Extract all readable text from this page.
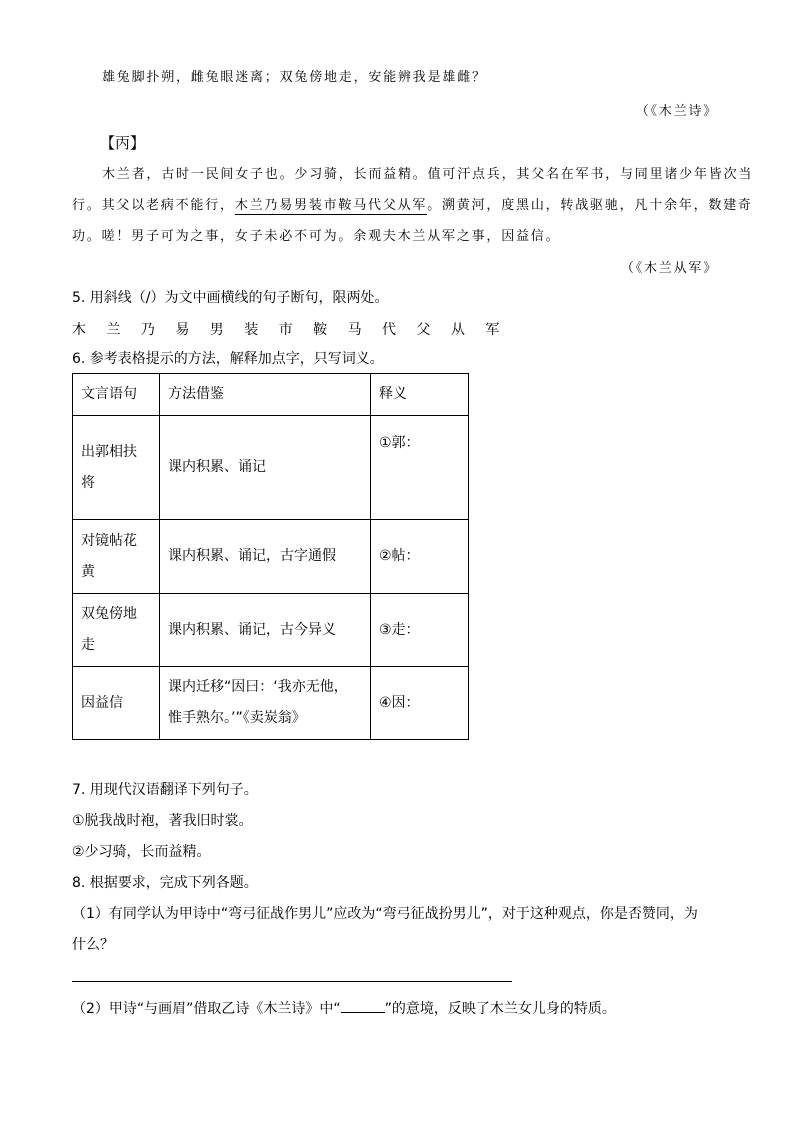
雄兔脚扑朔，雌兔眼迷离；双兔傍地走，安能辨我是雄雌？
（《木兰诗》
【丙】
木兰者，古时一民间女子也。少习骑，长而益精。值可汗点兵，其父名在军书，与同里诸少年皆次当
行。其父以老病不能行，木兰乃易男装市鞍马代父从军。溯黄河，度黑山，转战驱驰，凡十余年，数建奇
功。嗟！男子可为之事，女子未必不可为。余观夫木兰从军之事，因益信。
（《木兰从军》
5. 用斜线（/）为文中画横线的句子断句，限两处。
木 兰 乃 易 男 装 市 鞍 马 代 父 从 军
6. 参考表格提示的方法，解释加点字，只写词义。
文言语句	方法借鉴	释义

出郭相扶
将	课内积累、诵记	①郭：

对镜帖花
黄	课内积累、诵记，古字通假	②帖：

双兔傍地
走	课内积累、诵记，古今异义	③走：

因益信	课内迁移“因曰：‘我亦无他，
惟手熟尔。’”《卖炭翁》	④因：
7. 用现代汉语翻译下列句子。
①脱我战时袍，著我旧时裳。
②少习骑，长而益精。
8. 根据要求，完成下列各题。
（1）有同学认为甲诗中“弯弓征战作男儿”应改为“弯弓征战扮男儿”，对于这种观点，你是否赞同，为
什么？
（2）甲诗“与画眉”借取乙诗《木兰诗》中“	”的意境，反映了木兰女儿身的特质。
